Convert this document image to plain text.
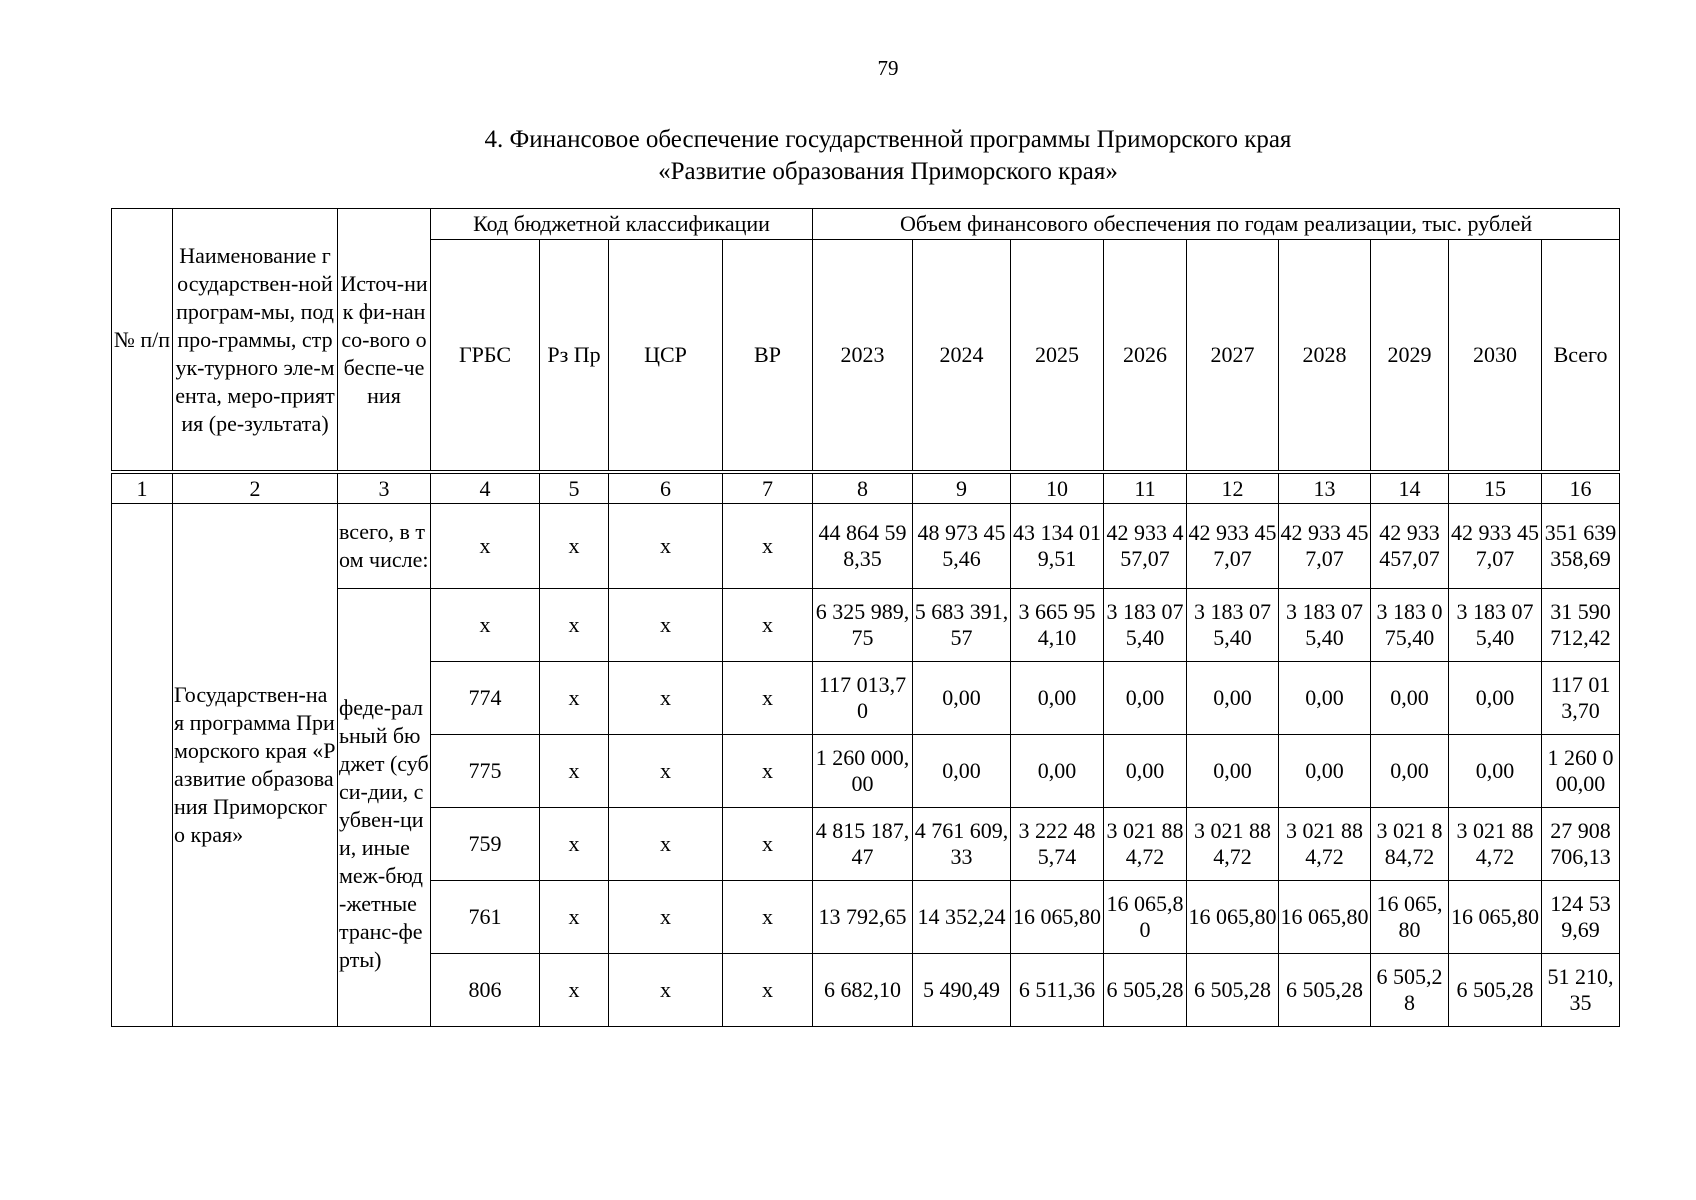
79
4. Финансовое обеспечение государственной программы Приморского края
«Развитие образования Приморского края»
№ п/п	Наименование государствен-ной програм-мы, подпро-граммы, струк-турного эле-мента, меро-приятия (ре-зультата)	Источ-ник фи-нансо-вого обеспе-чения	Код бюджетной классификации				Объем финансового обеспечения по годам реализации, тыс. рублей								
			ГРБС	Рз Пр	ЦСР	ВР	2023	2024	2025	2026	2027	2028	2029	2030	Всего
1	2	3	4	5	6	7	8	9	10	11	12	13	14	15	16
	Государствен-ная программа Приморского края «Развитие образования Приморского края»	всего, в том числе:	х	х	х	х	44 864 598,35	48 973 455,46	43 134 019,51	42 933 457,07	42 933 457,07	42 933 457,07	42 933 457,07	42 933 457,07	351 639 358,69
		феде-ральный бюджет (субси-дии, субвен-ции, иные меж-бюд-жетные транс-ферты)	х	х	х	х	6 325 989,75	5 683 391,57	3 665 954,10	3 183 075,40	3 183 075,40	3 183 075,40	3 183 075,40	3 183 075,40	31 590 712,42
			774	х	х	х	117 013,70	0,00	0,00	0,00	0,00	0,00	0,00	0,00	117 013,70
			775	х	х	х	1 260 000,00	0,00	0,00	0,00	0,00	0,00	0,00	0,00	1 260 000,00
			759	х	х	х	4 815 187,47	4 761 609,33	3 222 485,74	3 021 884,72	3 021 884,72	3 021 884,72	3 021 884,72	3 021 884,72	27 908 706,13
			761	х	х	х	13 792,65	14 352,24	16 065,80	16 065,80	16 065,80	16 065,80	16 065,80	16 065,80	124 539,69
			806	х	х	х	6 682,10	5 490,49	6 511,36	6 505,28	6 505,28	6 505,28	6 505,28	6 505,28	51 210,35
